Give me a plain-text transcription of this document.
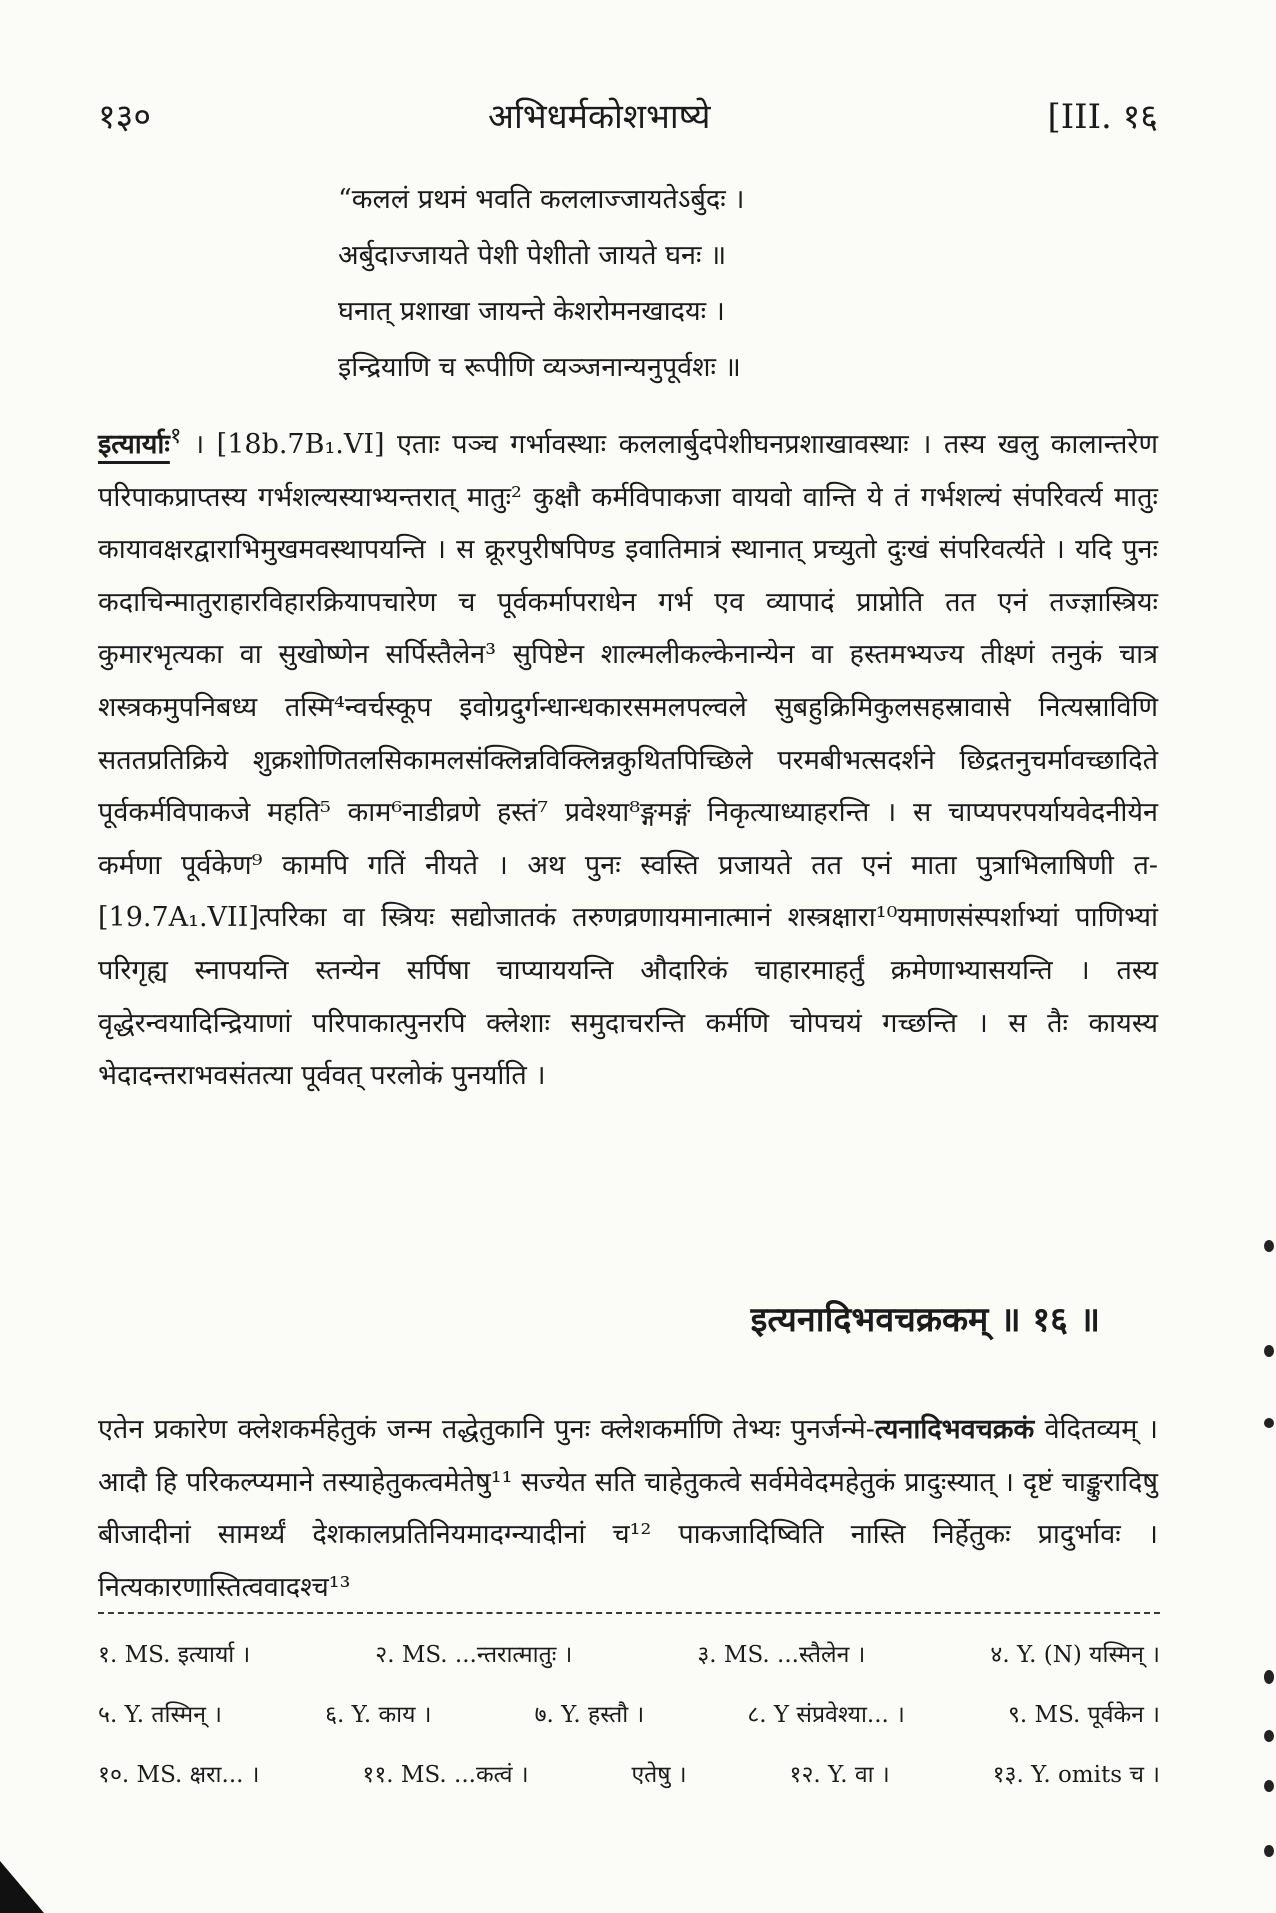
१३०	अभिधर्मकोशभाष्ये	[III. १६
“कललं प्रथमं भवति कललाज्जायतेऽर्बुदः ।
अर्बुदाज्जायते पेशी पेशीतो जायते घनः ॥
घनात् प्रशाखा जायन्ते केशरोमनखादयः ।
इन्द्रियाणि च रूपीणि व्यञ्जनान्यनुपूर्वशः ॥

इत्यार्याः$^१$ । [18b.7B₁.VI] एताः पञ्च गर्भावस्थाः कललार्बुदपेशीघनप्रशाखावस्थाः । तस्य खलु कालान्तरेण परिपाकप्राप्तस्य गर्भशल्यस्याभ्यन्तरात् मातुः² कुक्षौ कर्मविपाकजा वायवो वान्ति ये तं गर्भशल्यं संपरिवर्त्य मातुः कायावक्षरद्वाराभिमुखमवस्थापयन्ति । स क्रूरपुरीषपिण्ड इवातिमात्रं स्थानात् प्रच्युतो दुःखं संपरिवर्त्यते । यदि पुनः कदाचिन्मातुराहारविहारक्रियापचारेण च पूर्वकर्मापराधेन गर्भ एव व्यापादं प्राप्नोति तत एनं तज्ज्ञास्त्रियः कुमारभृत्यका वा सुखोष्णेन सर्पिस्तैलेन³ सुपिष्टेन शाल्मलीकल्केनान्येन वा हस्तमभ्यज्य तीक्ष्णं तनुकं चात्र शस्त्रकमुपनिबध्य तस्मि⁴न्वर्चस्कूप इवोग्रदुर्गन्धान्धकारसमलपल्वले सुबहुक्रिमिकुलसहस्रावासे नित्यस्राविणि सततप्रतिक्रिये शुक्रशोणितलसिकामलसंक्लिन्नविक्लिन्नकुथितपिच्छिले परमबीभत्सदर्शने छिद्रतनुचर्मावच्छादिते पूर्वकर्मविपाकजे महति⁵ काम⁶नाडीव्रणे हस्तं⁷ प्रवेश्या⁸ङ्गमङ्गं निकृत्याध्याहरन्ति । स चाप्यपरपर्यायवेदनीयेन कर्मणा पूर्वकेण⁹ कामपि गतिं नीयते । अथ पुनः स्वस्ति प्रजायते तत एनं माता पुत्राभिलाषिणी त-[19.7A₁.VII]त्परिका वा स्त्रियः सद्योजातकं तरुणव्रणायमानात्मानं शस्त्रक्षारा¹⁰यमाणसंस्पर्शाभ्यां पाणिभ्यां परिगृह्य स्नापयन्ति स्तन्येन सर्पिषा चाप्याययन्ति औदारिकं चाहारमाहर्तुं क्रमेणाभ्यासयन्ति । तस्य वृद्धेरन्वयादिन्द्रियाणां परिपाकात्पुनरपि क्लेशाः समुदाचरन्ति कर्मणि चोपचयं गच्छन्ति । स तैः कायस्य भेदादन्तराभवसंतत्या पूर्ववत् परलोकं पुनर्याति ।

इत्यनादिभवचक्रकम् ॥ १६ ॥

एतेन प्रकारेण क्लेशकर्महेतुकं जन्म तद्धेतुकानि पुनः क्लेशकर्माणि तेभ्यः पुनर्जन्मे-त्यनादिभवचक्रकं वेदितव्यम् । आदौ हि परिकल्प्यमाने तस्याहेतुकत्वमेतेषु¹¹ सज्येत सति चाहेतुकत्वे सर्वमेवेदमहेतुकं प्रादुःस्यात् । दृष्टं चाङ्कुरादिषु बीजादीनां सामर्थ्यं देशकालप्रतिनियमादग्न्यादीनां च¹² पाकजादिष्विति नास्ति निर्हेतुकः प्रादुर्भावः । नित्यकारणास्तित्ववादश्च¹³

१. MS. इत्यार्या ।	२. MS. ...न्तरात्मातुः ।	३. MS. ...स्तैलेन ।	४. Y. (N) यस्मिन् ।
५. Y. तस्मिन् ।	६. Y. काय ।	७. Y. हस्तौ ।	८. Y संप्रवेश्या... ।	९. MS. पूर्वकेन ।
१०. MS. क्षरा... ।	११. MS. ...कत्वं ।	एतेषु ।	१२. Y. वा ।	१३. Y. omits च ।
